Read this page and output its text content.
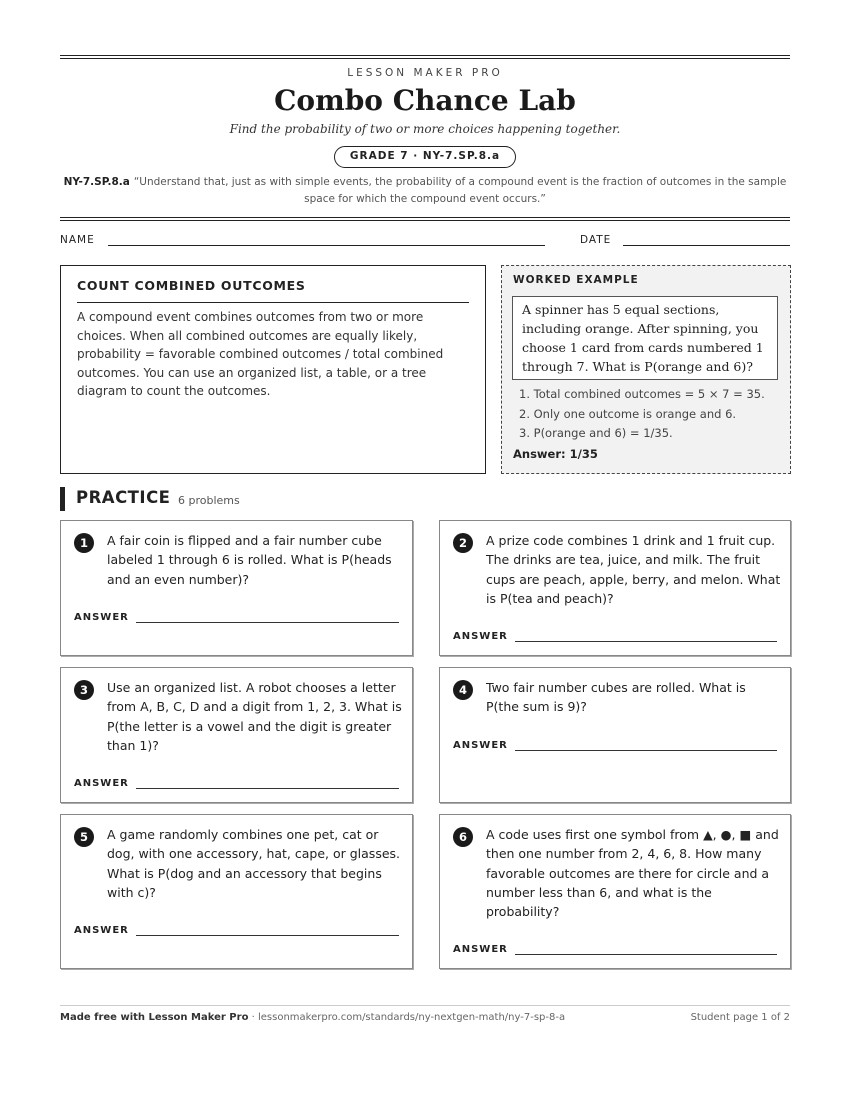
LESSON MAKER PRO
Combo Chance Lab
Find the probability of two or more choices happening together.
GRADE 7 · NY-7.SP.8.a
NY-7.SP.8.a “Understand that, just as with simple events, the probability of a compound event is the fraction of outcomes in the sample space for which the compound event occurs.”
NAME	DATE
COUNT COMBINED OUTCOMES
A compound event combines outcomes from two or more choices. When all combined outcomes are equally likely, probability = favorable combined outcomes / total combined outcomes. You can use an organized list, a table, or a tree diagram to count the outcomes.
WORKED EXAMPLE
A spinner has 5 equal sections, including orange. After spinning, you choose 1 card from cards numbered 1 through 7. What is P(orange and 6)?
1. Total combined outcomes = 5 × 7 = 35.
2. Only one outcome is orange and 6.
3. P(orange and 6) = 1/35.
Answer: 1/35
PRACTICE 6 problems
1	A fair coin is flipped and a fair number cube labeled 1 through 6 is rolled. What is P(heads and an even number)?
ANSWER
2	A prize code combines 1 drink and 1 fruit cup. The drinks are tea, juice, and milk. The fruit cups are peach, apple, berry, and melon. What is P(tea and peach)?
ANSWER
3	Use an organized list. A robot chooses a letter from A, B, C, D and a digit from 1, 2, 3. What is P(the letter is a vowel and the digit is greater than 1)?
ANSWER
4	Two fair number cubes are rolled. What is P(the sum is 9)?
ANSWER
5	A game randomly combines one pet, cat or dog, with one accessory, hat, cape, or glasses. What is P(dog and an accessory that begins with c)?
ANSWER
6	A code uses first one symbol from ▲, ●, ■ and then one number from 2, 4, 6, 8. How many favorable outcomes are there for circle and a number less than 6, and what is the probability?
ANSWER
Made free with Lesson Maker Pro · lessonmakerpro.com/standards/ny-nextgen-math/ny-7-sp-8-a	Student page 1 of 2
